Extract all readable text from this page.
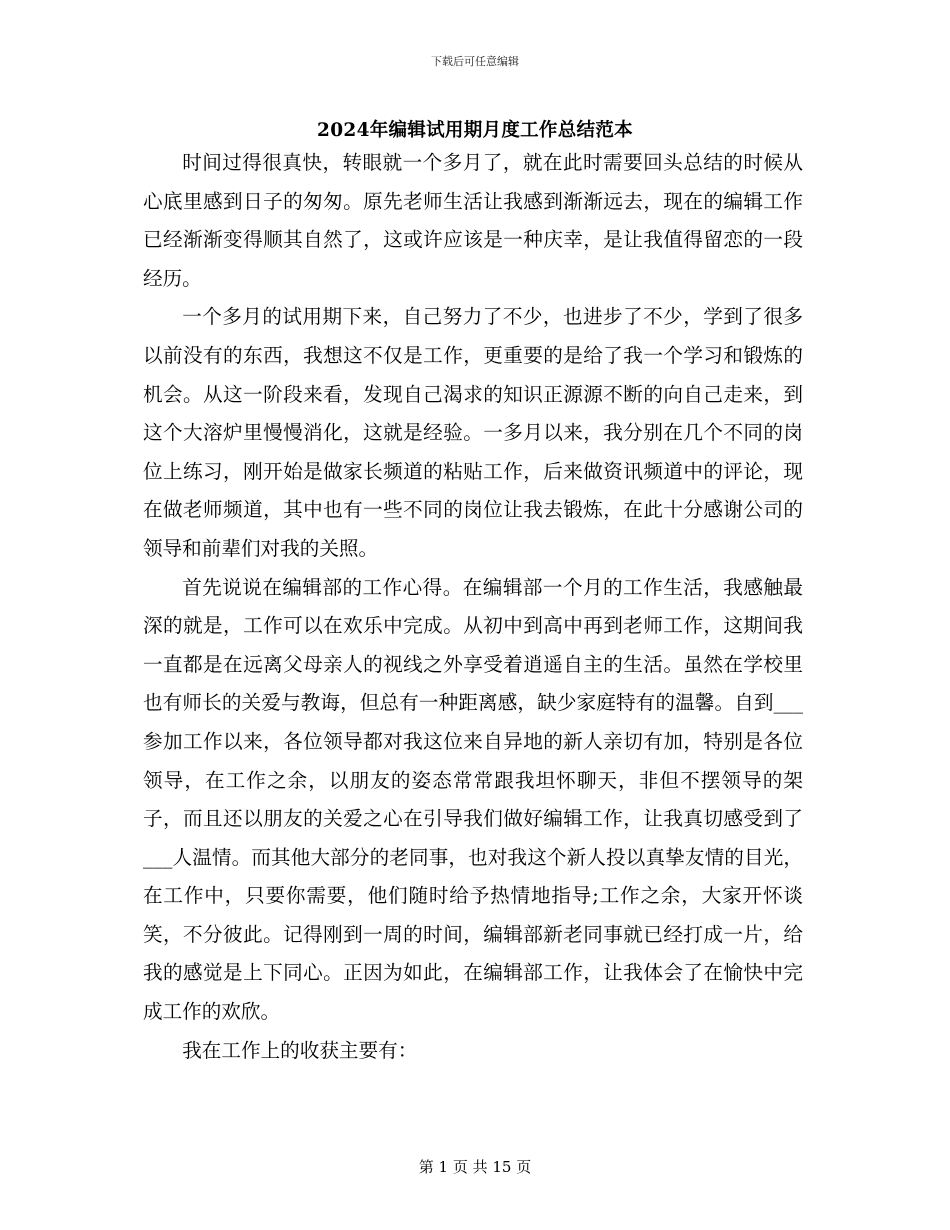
下载后可任意编辑
2024年编辑试用期月度工作总结范本

时间过得很真快，转眼就一个多月了，就在此时需要回头总结的时候从心底里感到日子的匆匆。原先老师生活让我感到渐渐远去，现在的编辑工作已经渐渐变得顺其自然了，这或许应该是一种庆幸，是让我值得留恋的一段经历。

一个多月的试用期下来，自己努力了不少，也进步了不少，学到了很多以前没有的东西，我想这不仅是工作，更重要的是给了我一个学习和锻炼的机会。从这一阶段来看，发现自己渴求的知识正源源不断的向自己走来，到这个大溶炉里慢慢消化，这就是经验。一多月以来，我分别在几个不同的岗位上练习，刚开始是做家长频道的粘贴工作，后来做资讯频道中的评论，现在做老师频道，其中也有一些不同的岗位让我去锻炼，在此十分感谢公司的领导和前辈们对我的关照。

首先说说在编辑部的工作心得。在编辑部一个月的工作生活，我感触最深的就是，工作可以在欢乐中完成。从初中到高中再到老师工作，这期间我一直都是在远离父母亲人的视线之外享受着逍遥自主的生活。虽然在学校里也有师长的关爱与教诲，但总有一种距离感，缺少家庭特有的温馨。自到___参加工作以来，各位领导都对我这位来自异地的新人亲切有加，特别是各位领导，在工作之余，以朋友的姿态常常跟我坦怀聊天，非但不摆领导的架子，而且还以朋友的关爱之心在引导我们做好编辑工作，让我真切感受到了___人温情。而其他大部分的老同事，也对我这个新人投以真挚友情的目光，在工作中，只要你需要，他们随时给予热情地指导;工作之余，大家开怀谈笑，不分彼此。记得刚到一周的时间，编辑部新老同事就已经打成一片，给我的感觉是上下同心。正因为如此，在编辑部工作，让我体会了在愉快中完成工作的欢欣。

我在工作上的收获主要有：

第 1 页 共 15 页
